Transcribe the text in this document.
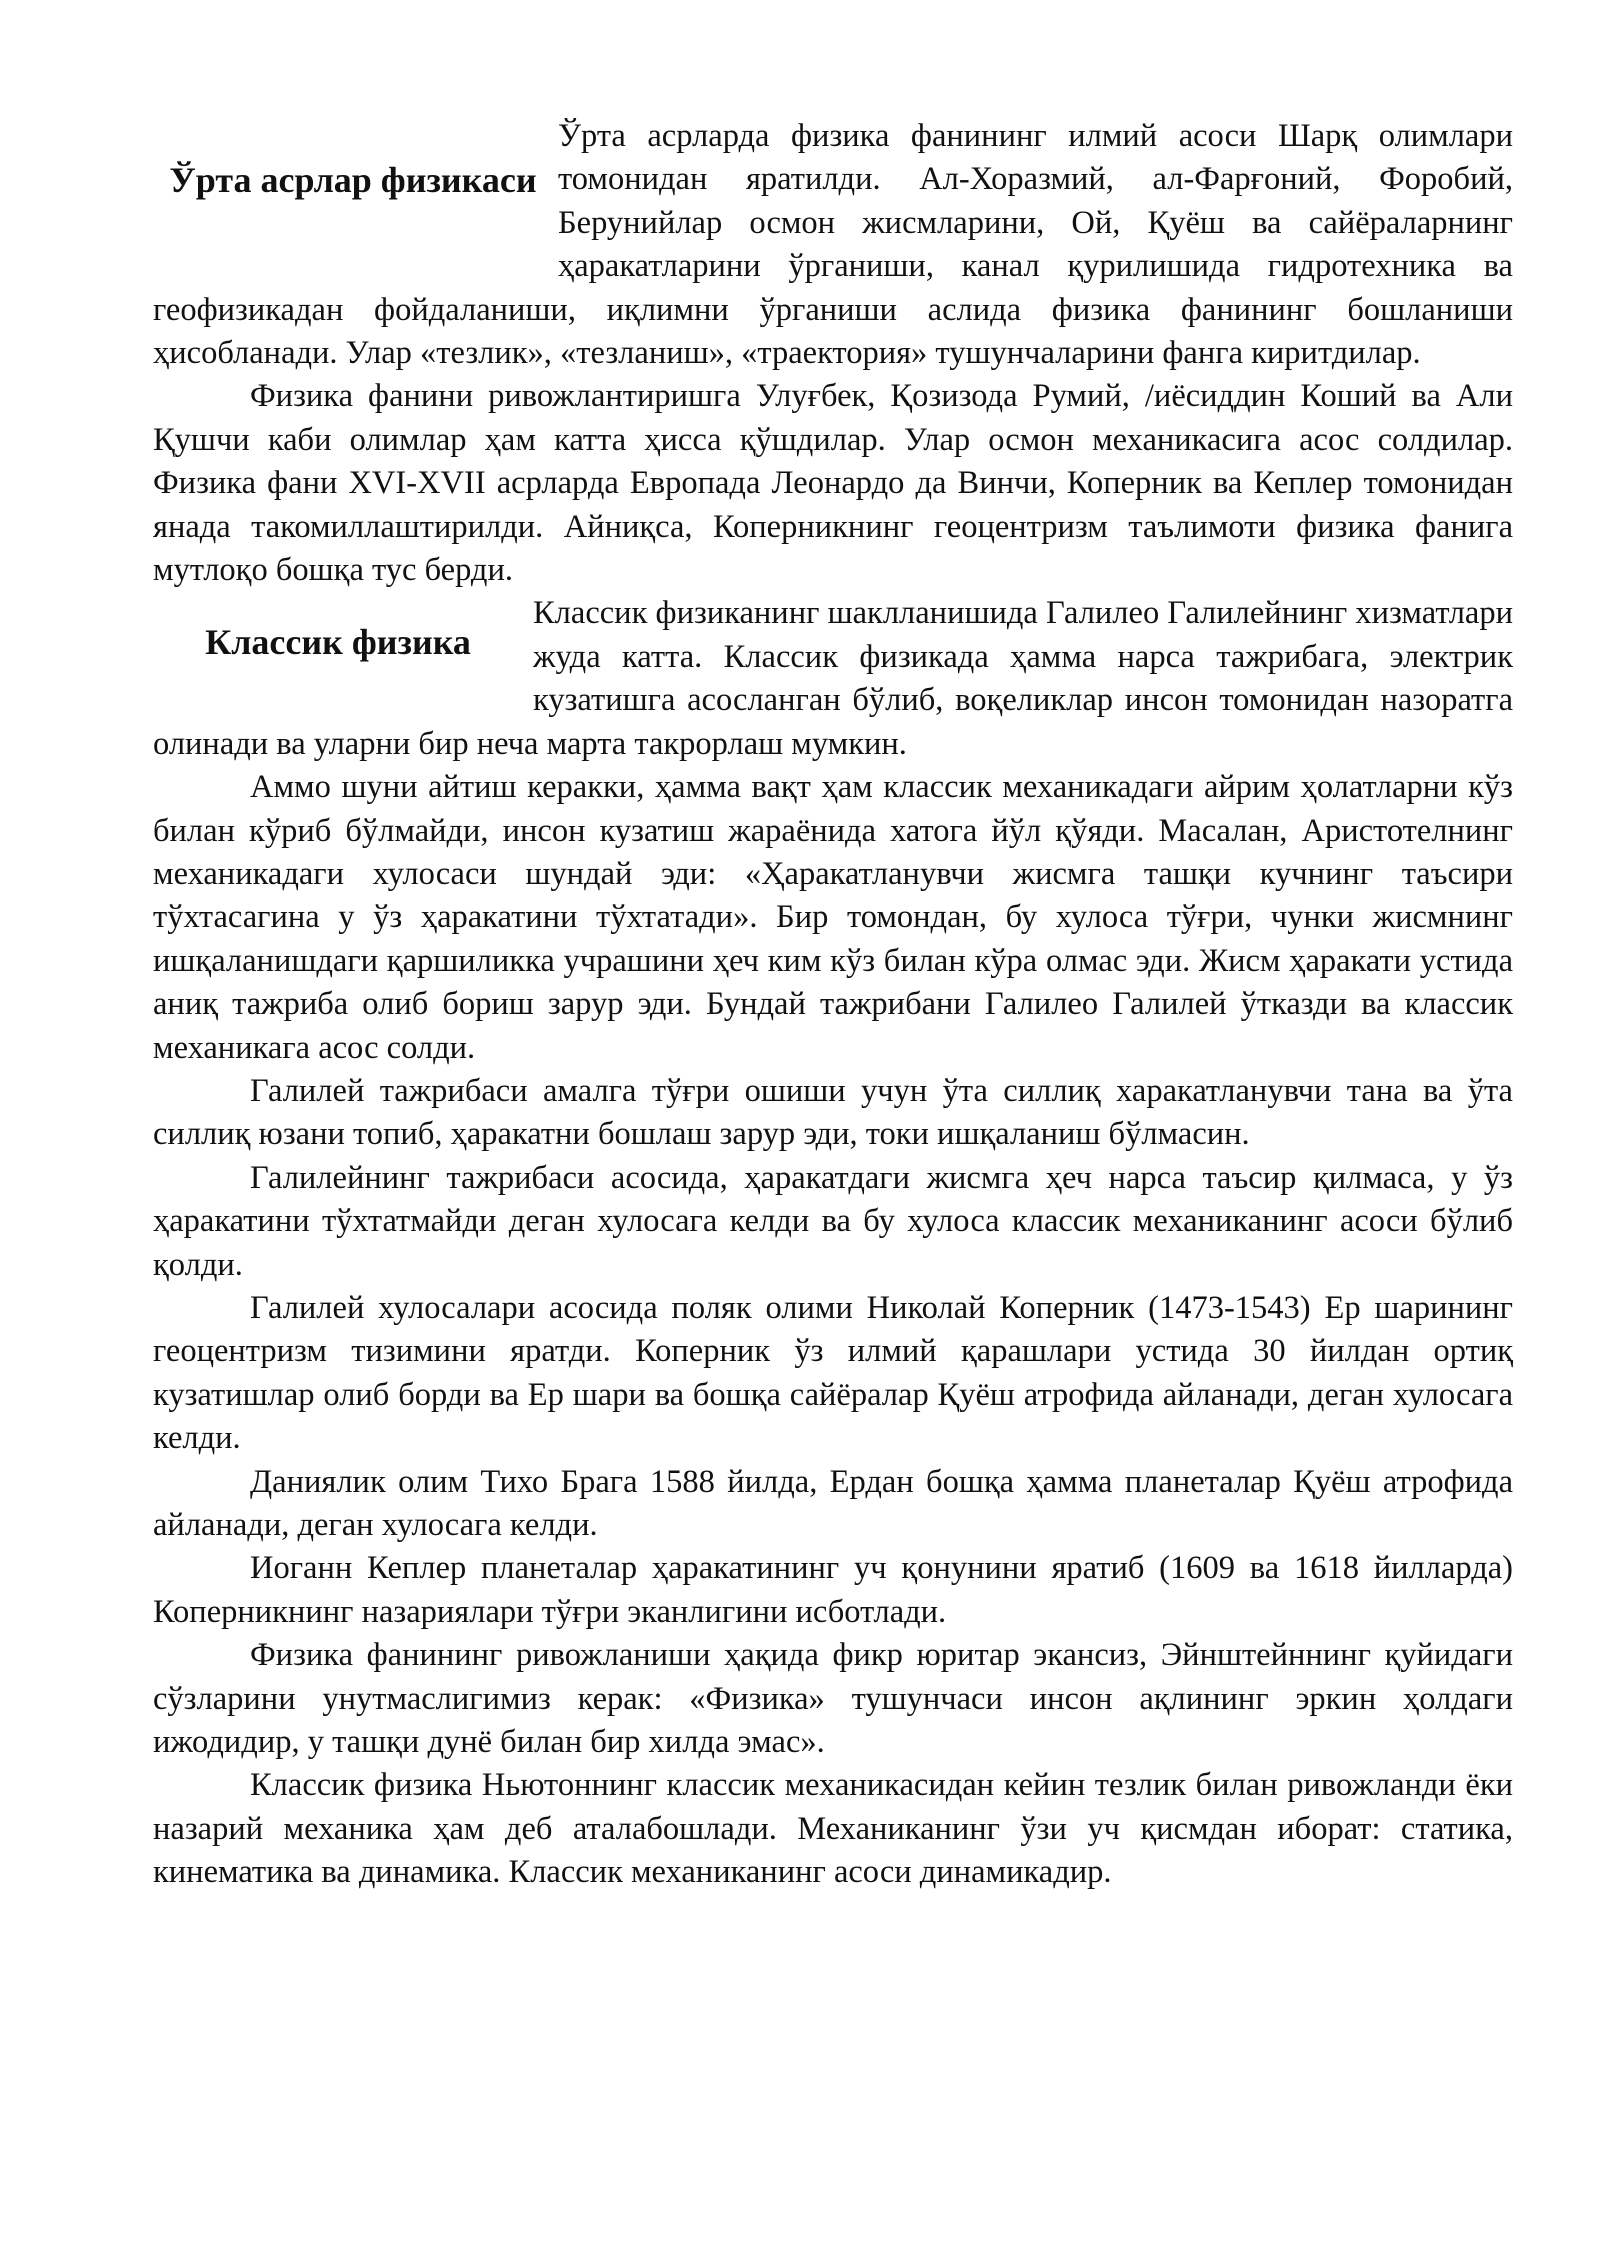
Ўрта асрлар физикаси

Ўрта асрларда физика фанининг илмий асоси Шарқ олимлари томонидан яратилди. Ал-Хоразмий, ал-Фарғоний, Форобий, Берунийлар осмон жисмларини, Ой, Қуёш ва сайёраларнинг ҳаракатларини ўрганиши, канал қурилишида гидротехника ва геофизикадан фойдаланиши, иқлимни ўрганиши аслида физика фанининг бошланиши ҳисобланади. Улар «тезлик», «тезланиш», «траектория» тушунчаларини фанга киритдилар.

Физика фанини ривожлантиришга Улуғбек, Қозизода Румий, /иёсиддин Коший ва Али Қушчи каби олимлар ҳам катта ҳисса қўшдилар. Улар осмон механикасига асос солдилар. Физика фани XVI-XVII асрларда Европада Леонардо да Винчи, Коперник ва Кеплер томонидан янада такомиллаштирилди. Айниқса, Коперникнинг геоцентризм таълимоти физика фанига мутлоқо бошқа тус берди.

Классик физика

Классик физиканинг шаклланишида Галилео Галилейнинг хизматлари жуда катта. Классик физикада ҳамма нарса тажрибага, электрик кузатишга асосланган бўлиб, воқеликлар инсон томонидан назоратга олинади ва уларни бир неча марта такрорлаш мумкин.

Аммо шуни айтиш керакки, ҳамма вақт ҳам классик механикадаги айрим ҳолатларни кўз билан кўриб бўлмайди, инсон кузатиш жараёнида хатога йўл қўяди. Масалан, Аристотелнинг механикадаги хулосаси шундай эди: «Ҳаракатланувчи жисмга ташқи кучнинг таъсири тўхтасагина у ўз ҳаракатини тўхтатади». Бир томондан, бу хулоса тўғри, чунки жисмнинг ишқаланишдаги қаршиликка учрашини ҳеч ким кўз билан кўра олмас эди. Жисм ҳаракати устида аниқ тажриба олиб бориш зарур эди. Бундай тажрибани Галилео Галилей ўтказди ва классик механикага асос солди.

Галилей тажрибаси амалга тўғри ошиши учун ўта силлиқ харакатланувчи тана ва ўта силлиқ юзани топиб, ҳаракатни бошлаш зарур эди, токи ишқаланиш бўлмасин.

Галилейнинг тажрибаси асосида, ҳаракатдаги жисмга ҳеч нарса таъсир қилмаса, у ўз ҳаракатини тўхтатмайди деган хулосага келди ва бу хулоса классик механиканинг асоси бўлиб қолди.

Галилей хулосалари асосида поляк олими Николай Коперник (1473-1543) Ер шарининг геоцентризм тизимини яратди. Коперник ўз илмий қарашлари устида 30 йилдан ортиқ кузатишлар олиб борди ва Ер шари ва бошқа сайёралар Қуёш атрофида айланади, деган хулосага келди.

Даниялик олим Тихо Брага 1588 йилда, Ердан бошқа ҳамма планеталар Қуёш атрофида айланади, деган хулосага келди.

Иоганн Кеплер планеталар ҳаракатининг уч қонунини яратиб (1609 ва 1618 йилларда) Коперникнинг назариялари тўғри эканлигини исботлади.

Физика фанининг ривожланиши ҳақида фикр юритар экансиз, Эйнштейннинг қуйидаги сўзларини унутмаслигимиз керак: «Физика» тушунчаси инсон ақлининг эркин ҳолдаги ижодидир, у ташқи дунё билан бир хилда эмас».

Классик физика Ньютоннинг классик механикасидан кейин тезлик билан ривожланди ёки назарий механика ҳам деб аталабошлади. Механиканинг ўзи уч қисмдан иборат: статика, кинематика ва динамика. Классик механиканинг асоси динамикадир.
